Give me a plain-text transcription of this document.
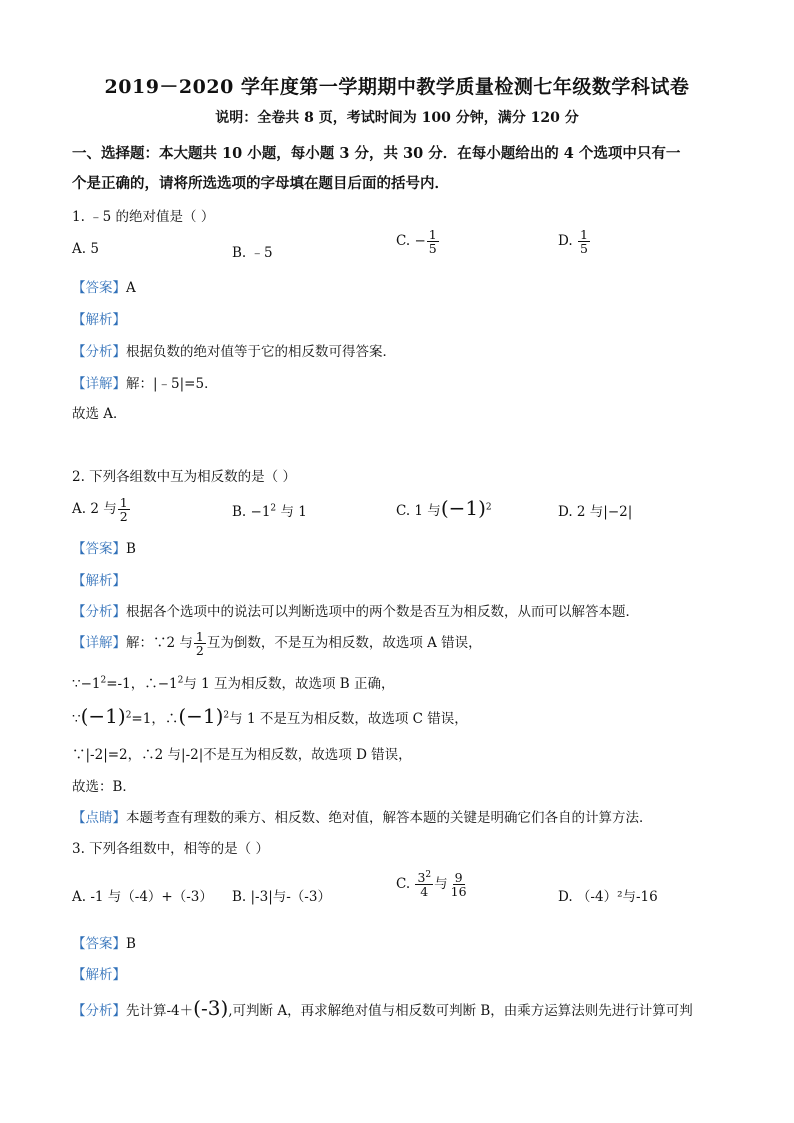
2019－2020 学年度第一学期期中教学质量检测七年级数学科试卷
说明：全卷共 8 页，考试时间为 100 分钟，满分 120 分
一、选择题：本大题共 10 小题，每小题 3 分，共 30 分．在每小题给出的 4 个选项中只有一
个是正确的，请将所选选项的字母填在题目后面的括号内．
1. ﹣5 的绝对值是（ ）
A. 5	B. ﹣5
C. − $\frac{1}{5}$	D. $\frac{1}{5}$
【答案】A
【解析】
【分析】根据负数的绝对值等于它的相反数可得答案．
【详解】解：|﹣5|=5．
故选 A．
2. 下列各组数中互为相反数的是（ ）
A. 2 与 $\frac{1}{2}$	B. $-1^2$ 与 1	C. 1 与$(-1)^2$	D. 2 与|−2|
【答案】B
【解析】
【分析】根据各个选项中的说法可以判断选项中的两个数是否互为相反数，从而可以解答本题．
【详解】解：∵2 与 $\frac{1}{2}$ 互为倒数，不是互为相反数，故选项 A 错误，
$\because-1^2=-1$，$\therefore-1^2$与 1 互为相反数，故选项 B 正确，
$\because(-1)^2=1$，$\therefore(-1)^2$与 1 不是互为相反数，故选项 C 错误，
∵|-2|=2，∴2 与|-2|不是互为相反数，故选项 D 错误，
故选：B．
【点睛】本题考查有理数的乘方、相反数、绝对值，解答本题的关键是明确它们各自的计算方法．
3. 下列各组数中，相等的是（ ）
A. -1 与（-4）+（-3） B. |-3|与-（-3）
C. $\frac{3^2}{4}$ 与 $\frac{9}{16}$	D. （-4）²与-16
【答案】B
【解析】
【分析】先计算-4＋(-3),可判断 A，再求解绝对值与相反数可判断 B，由乘方运算法则先进行计算可判
